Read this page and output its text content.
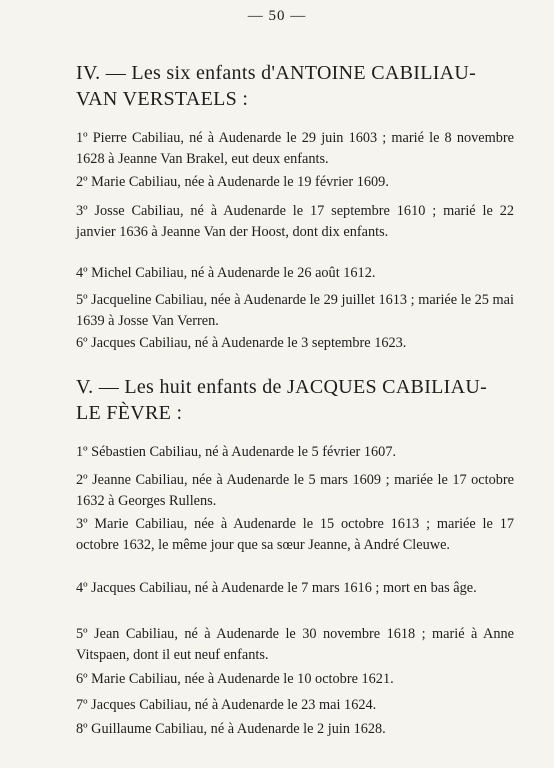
— 50 —
IV. — Les six enfants d'ANTOINE CABILIAU-
VAN VERSTAELS :
1º Pierre Cabiliau, né à Audenarde le 29 juin 1603 ; marié le 8 novembre 1628 à Jeanne Van Brakel, eut deux enfants.
2º Marie Cabiliau, née à Audenarde le 19 février 1609.
3º Josse Cabiliau, né à Audenarde le 17 septembre 1610 ; marié le 22 janvier 1636 à Jeanne Van der Hoost, dont dix enfants.
4º Michel Cabiliau, né à Audenarde le 26 août 1612.
5º Jacqueline Cabiliau, née à Audenarde le 29 juillet 1613 ; mariée le 25 mai 1639 à Josse Van Verren.
6º Jacques Cabiliau, né à Audenarde le 3 septembre 1623.
V. — Les huit enfants de JACQUES CABILIAU-
LE FÈVRE :
1º Sébastien Cabiliau, né à Audenarde le 5 février 1607.
2º Jeanne Cabiliau, née à Audenarde le 5 mars 1609 ; mariée le 17 octobre 1632 à Georges Rullens.
3º Marie Cabiliau, née à Audenarde le 15 octobre 1613 ; mariée le 17 octobre 1632, le même jour que sa sœur Jeanne, à André Cleuwe.
4º Jacques Cabiliau, né à Audenarde le 7 mars 1616 ; mort en bas âge.
5º Jean Cabiliau, né à Audenarde le 30 novembre 1618 ; marié à Anne Vitspaen, dont il eut neuf enfants.
6º Marie Cabiliau, née à Audenarde le 10 octobre 1621.
7º Jacques Cabiliau, né à Audenarde le 23 mai 1624.
8º Guillaume Cabiliau, né à Audenarde le 2 juin 1628.
